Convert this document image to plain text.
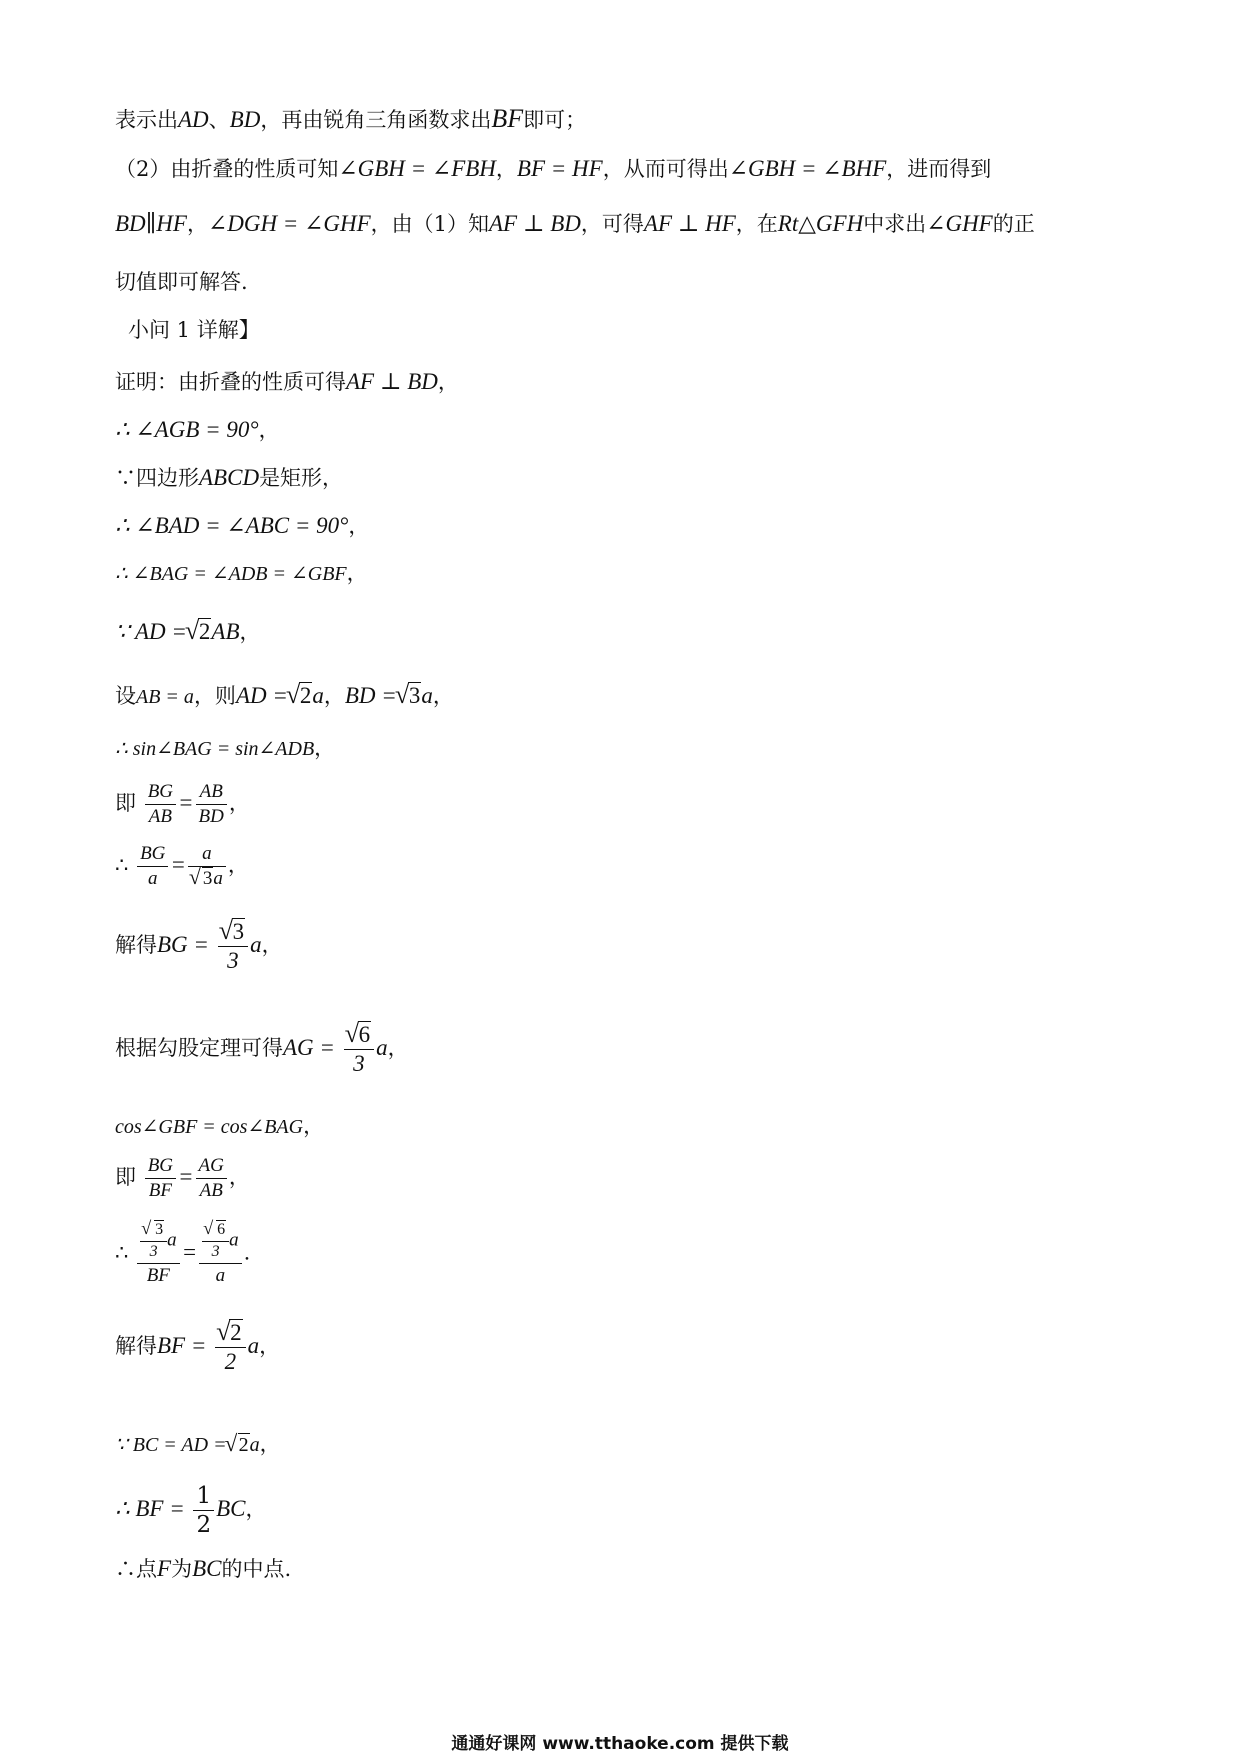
表示出AD、BD，再由锐角三角函数求出BF即可；
（2）由折叠的性质可知∠GBH = ∠FBH，BF = HF，从而可得出∠GBH = ∠BHF，进而得到
BD∥HF，∠DGH = ∠GHF，由（1）知AF ⊥ BD，可得AF ⊥ HF，在Rt△GFH中求出∠GHF的正
切值即可解答.
小问 1 详解】
证明：由折叠的性质可得AF ⊥ BD，
∴ ∠AGB = 90°，
∵四边形ABCD是矩形，
∴ ∠BAD = ∠ABC = 90°，
∴ ∠BAG = ∠ADB = ∠GBF，
∵ AD = √ 2AB，
设AB = a，则AD = √ 2a，BD = √ 3a，
∴ sin∠BAG = sin∠ADB，
即 $\frac{BG}{AB} = \frac{AB}{BD}$ ，
∴ $\frac{BG}{a} = a$
√ 3a ，
解得BG = √ $\frac{3}{3}$ a，
根据勾股定理可得AG = √ $\frac{6}{3}$ a，
cos∠GBF = cos∠BAG，
即 $\frac{BG}{BF} = \frac{AG}{AB}$ ，
∴ √ $\frac{\frac{3}{3} a}{BF}$ = √ $\frac{\frac{6}{3} a}{a}$ .
解得BF = √ $\frac{2}{2}$ a，
∵ BC = AD = √ 2a，
∴ BF = $\frac{1}{2}$ BC，
∴点F为BC的中点.
通通好课网 www.tthaoke.com 提供下载
